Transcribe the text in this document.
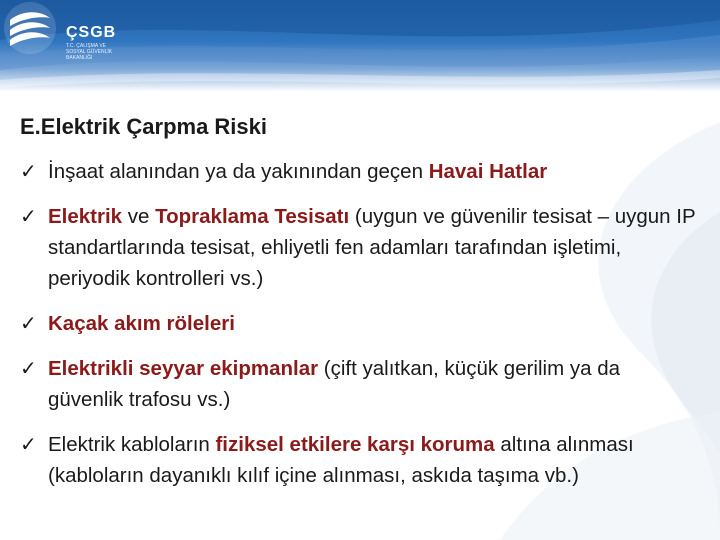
ÇSGB
T.C. ÇALIŞMA VE SOSYAL GÜVENLİK BAKANLIĞI
E.Elektrik Çarpma Riski
✓ İnşaat alanından ya da yakınından geçen Havai Hatlar
✓ Elektrik ve Topraklama Tesisatı (uygun ve güvenilir tesisat – uygun IP standartlarında tesisat, ehliyetli fen adamları tarafından işletimi, periyodik kontrolleri vs.)
✓ Kaçak akım röleleri
✓ Elektrikli seyyar ekipmanlar (çift yalıtkan, küçük gerilim ya da güvenlik trafosu vs.)
✓ Elektrik kabloların fiziksel etkilere karşı koruma altına alınması (kabloların dayanıklı kılıf içine alınması, askıda taşıma vb.)
